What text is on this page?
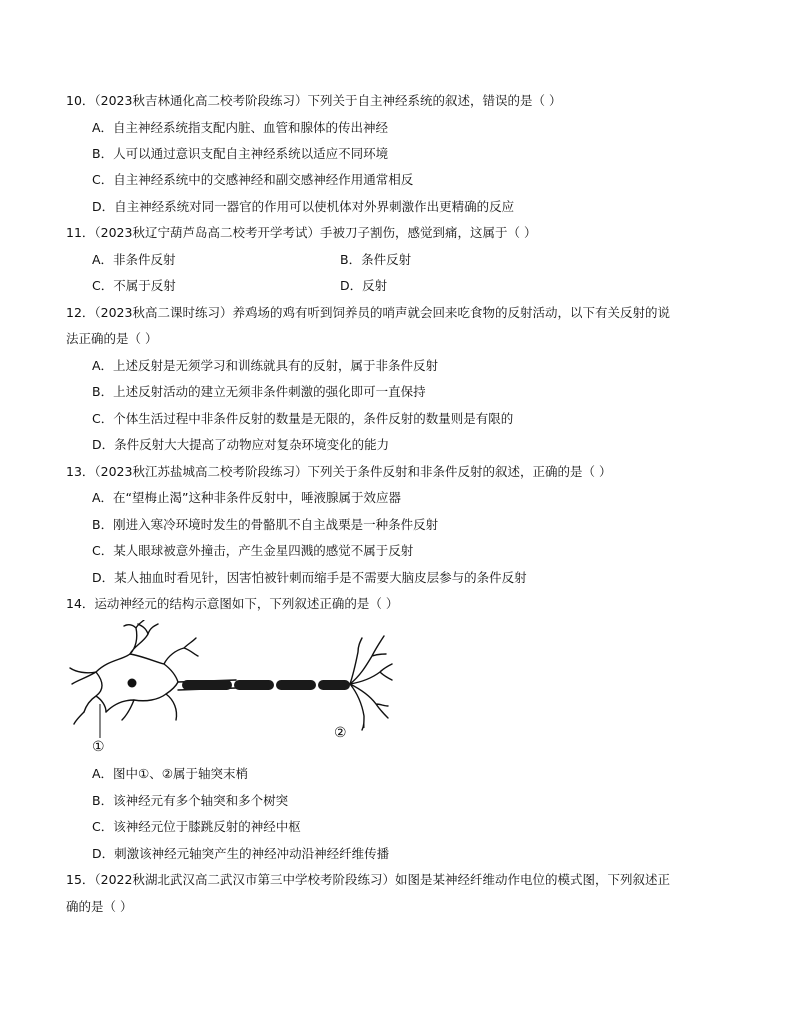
10．（2023秋吉林通化高二校考阶段练习）下列关于自主神经系统的叙述，错误的是（ ）
A．自主神经系统指支配内脏、血管和腺体的传出神经
B．人可以通过意识支配自主神经系统以适应不同环境
C．自主神经系统中的交感神经和副交感神经作用通常相反
D．自主神经系统对同一器官的作用可以使机体对外界刺激作出更精确的反应
11．（2023秋辽宁葫芦岛高二校考开学考试）手被刀子割伤，感觉到痛，这属于（ ）
A．非条件反射	B．条件反射
C．不属于反射	D．反射
12．（2023秋高二课时练习）养鸡场的鸡有听到饲养员的哨声就会回来吃食物的反射活动，以下有关反射的说
法正确的是（ ）
A．上述反射是无须学习和训练就具有的反射，属于非条件反射
B．上述反射活动的建立无须非条件刺激的强化即可一直保持
C．个体生活过程中非条件反射的数量是无限的，条件反射的数量则是有限的
D．条件反射大大提高了动物应对复杂环境变化的能力
13．（2023秋江苏盐城高二校考阶段练习）下列关于条件反射和非条件反射的叙述，正确的是（ ）
A．在“望梅止渴”这种非条件反射中，唾液腺属于效应器
B．刚进入寒冷环境时发生的骨骼肌不自主战栗是一种条件反射
C．某人眼球被意外撞击，产生金星四溅的感觉不属于反射
D．某人抽血时看见针，因害怕被针刺而缩手是不需要大脑皮层参与的条件反射
14．运动神经元的结构示意图如下，下列叙述正确的是（ ）
①
②
A．图中①、②属于轴突末梢
B．该神经元有多个轴突和多个树突
C．该神经元位于膝跳反射的神经中枢
D．刺激该神经元轴突产生的神经冲动沿神经纤维传播
15．（2022秋湖北武汉高二武汉市第三中学校考阶段练习）如图是某神经纤维动作电位的模式图，下列叙述正
确的是（ ）
